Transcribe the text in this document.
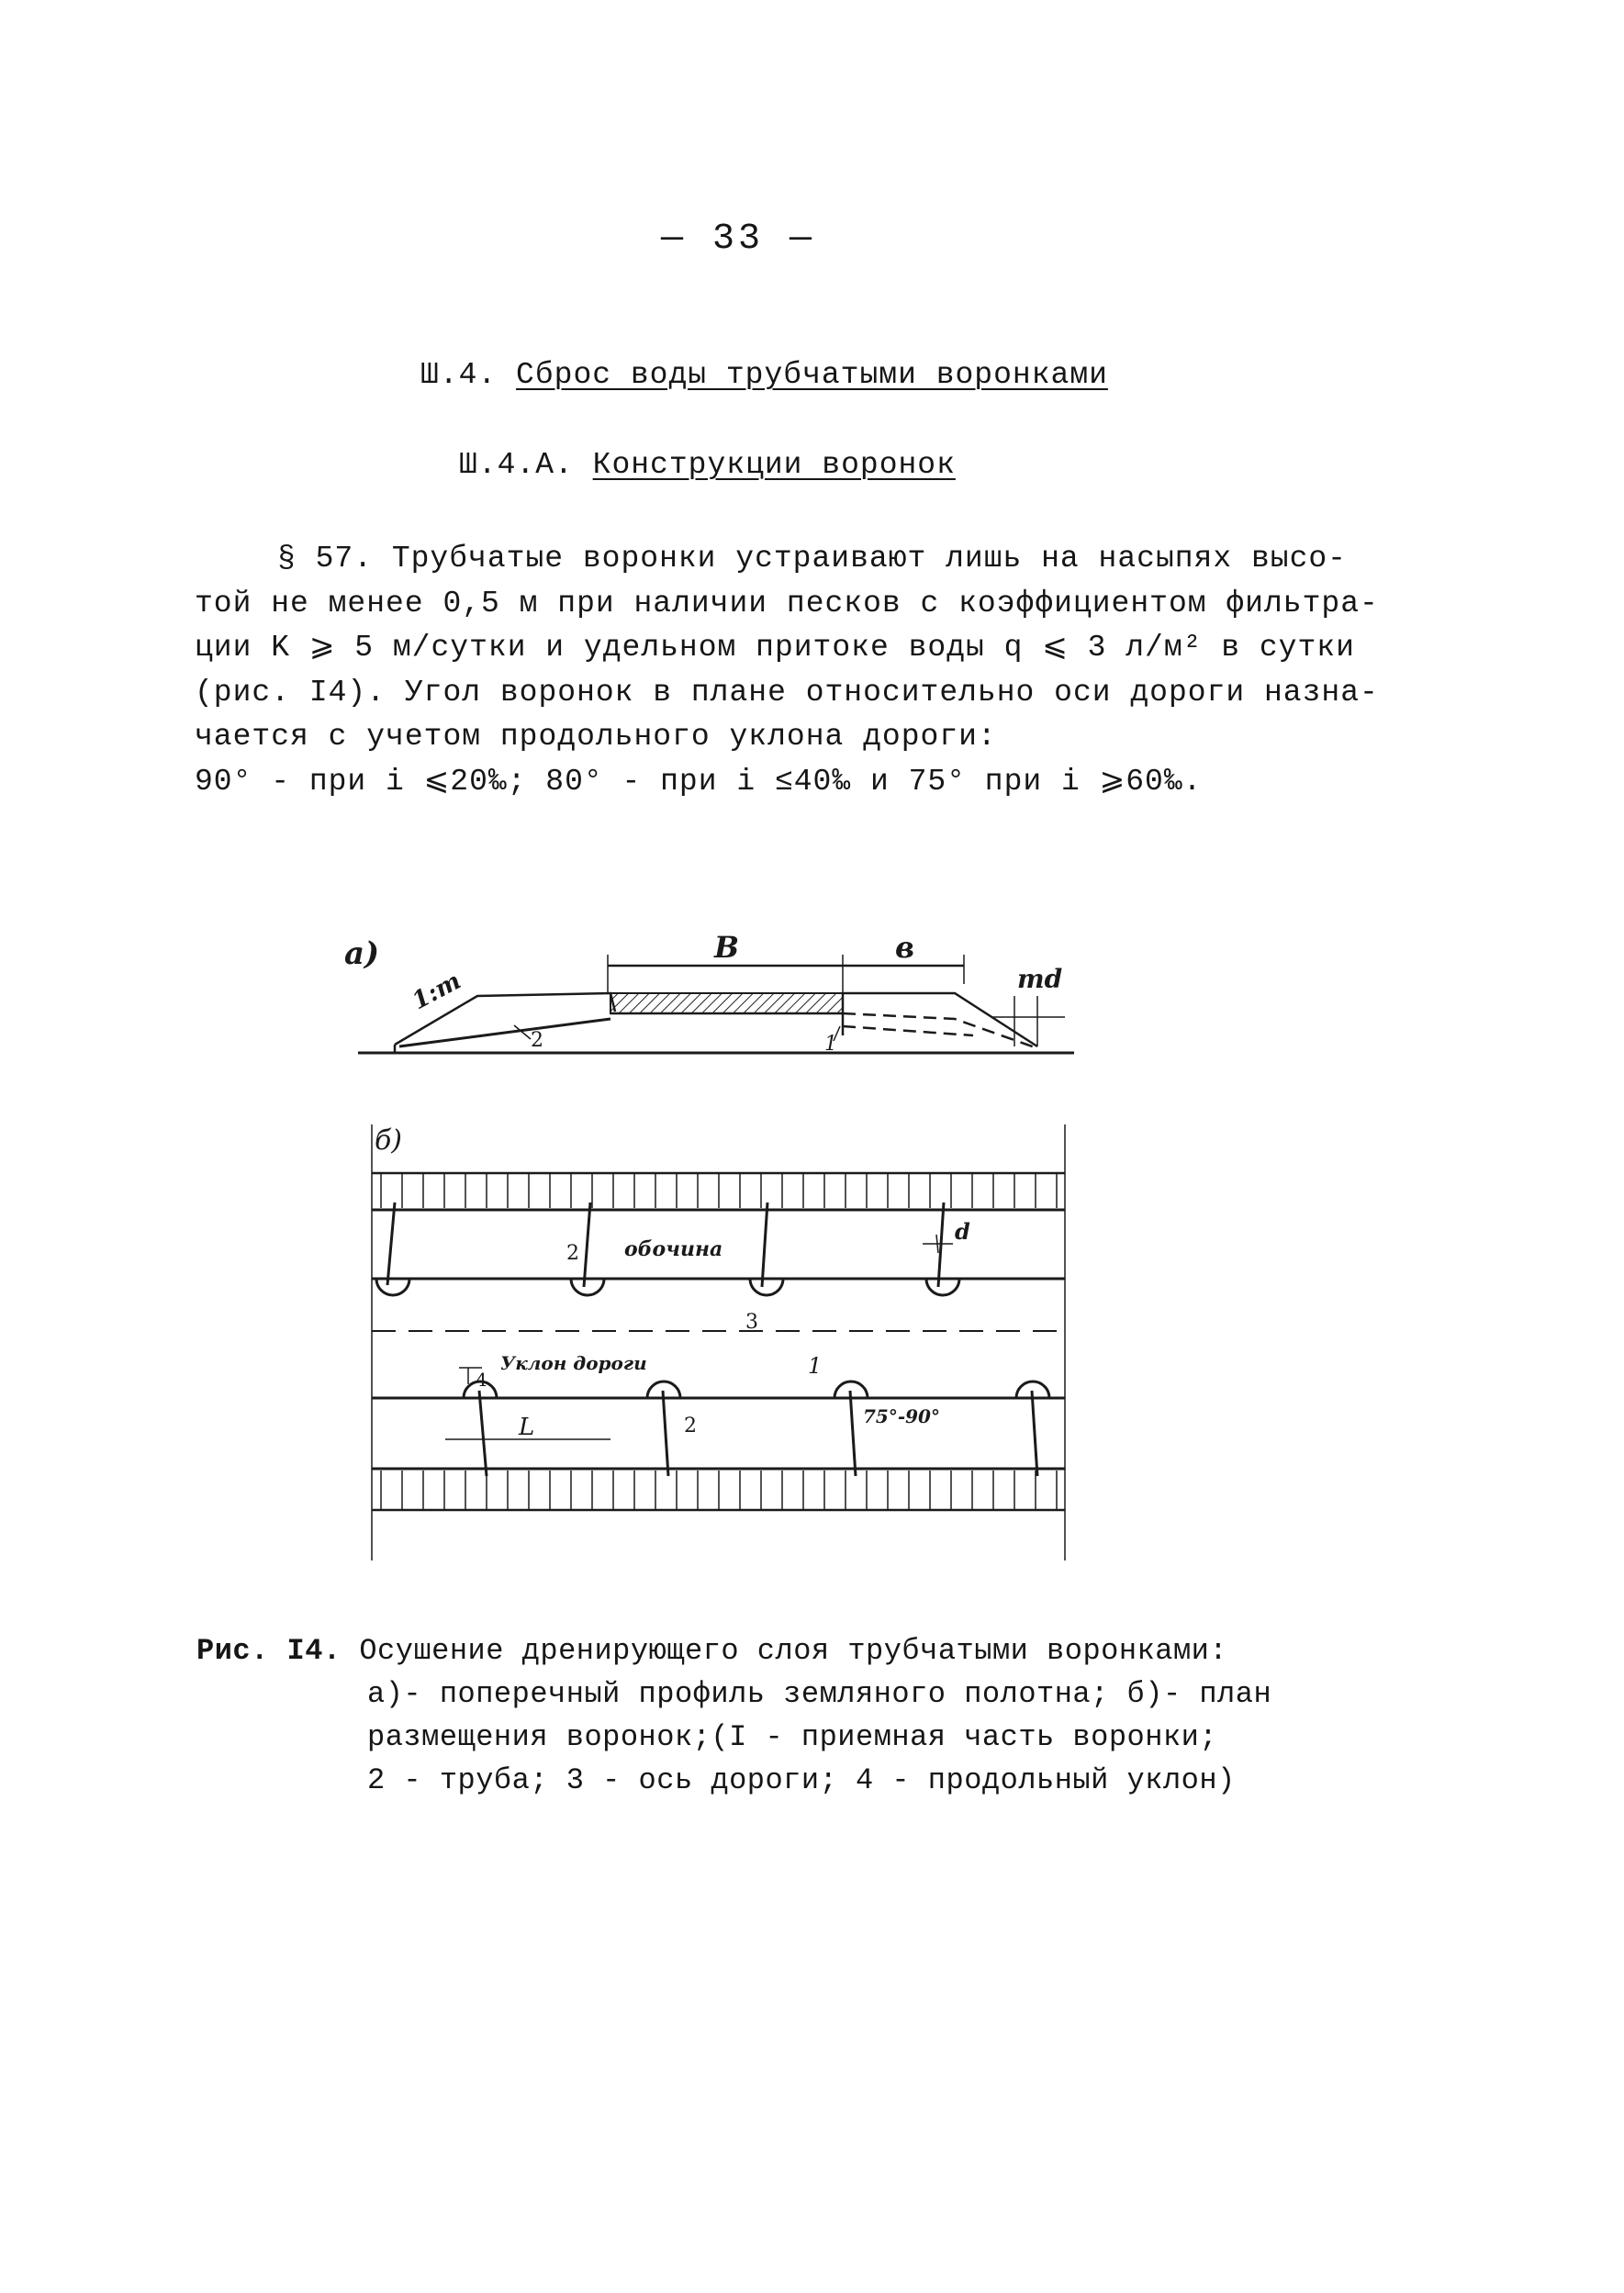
— 33 —
Ш.4. Сброс воды трубчатыми воронками
Ш.4.А. Конструкции воронок
§ 57. Трубчатые воронки устраивают лишь на насыпях высо-
той не менее 0,5 м при наличии песков с коэффициентом фильтра-
ции K ⩾ 5 м/сутки и удельном притоке воды q ⩽ 3 л/м² в сутки
(рис. I4). Угол воронок в плане относительно оси дороги назна-
чается с учетом продольного уклона дороги:
90° - при i ⩽20‰; 80° - при i ≤40‰ и 75° при i ⩾60‰.
а)
1:m
B	в
md
2	1
б)
обочина
2
d
3
4
Уклон дороги	1
2
L	75°-90°
Рис. I4. Осушение дренирующего слоя трубчатыми воронками:
а)- поперечный профиль земляного полотна; б)- план
размещения воронок;(I - приемная часть воронки;
2 - труба; 3 - ось дороги; 4 - продольный уклон)
